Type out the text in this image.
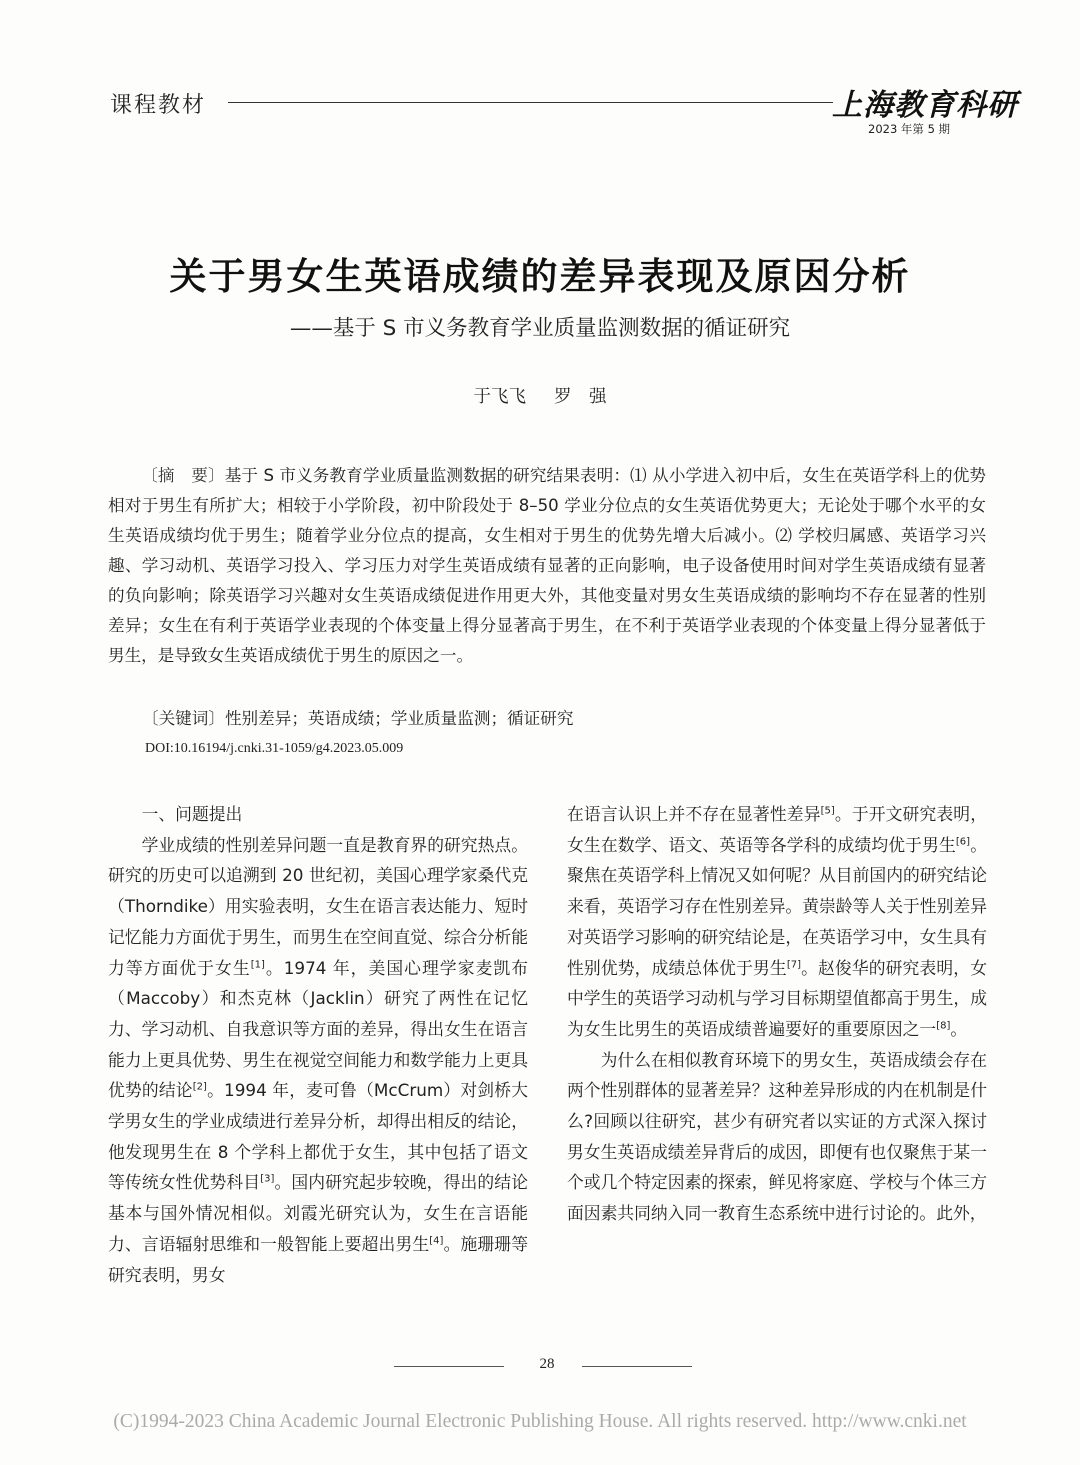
课程教材	上海教育科研
2023 年第 5 期
关于男女生英语成绩的差异表现及原因分析
——基于 S 市义务教育学业质量监测数据的循证研究
于飞飞 罗　强

〔摘　要〕基于 S 市义务教育学业质量监测数据的研究结果表明：⑴ 从小学进入初中后，女生在英语学科上的优势相对于男生有所扩大；相较于小学阶段，初中阶段处于 8–50 学业分位点的女生英语优势更大；无论处于哪个水平的女生英语成绩均优于男生；随着学业分位点的提高，女生相对于男生的优势先增大后减小。⑵ 学校归属感、英语学习兴趣、学习动机、英语学习投入、学习压力对学生英语成绩有显著的正向影响，电子设备使用时间对学生英语成绩有显著的负向影响；除英语学习兴趣对女生英语成绩促进作用更大外，其他变量对男女生英语成绩的影响均不存在显著的性别差异；女生在有利于英语学业表现的个体变量上得分显著高于男生，在不利于英语学业表现的个体变量上得分显著低于男生，是导致女生英语成绩优于男生的原因之一。

〔关键词〕性别差异；英语成绩；学业质量监测；循证研究
DOI:10.16194/j.cnki.31-1059/g4.2023.05.009

一、问题提出

学业成绩的性别差异问题一直是教育界的研究热点。研究的历史可以追溯到 20 世纪初，美国心理学家桑代克（Thorndike）用实验表明，女生在语言表达能力、短时记忆能力方面优于男生，而男生在空间直觉、综合分析能力等方面优于女生[1]。1974 年，美国心理学家麦凯布（Maccoby）和杰克林（Jacklin）研究了两性在记忆力、学习动机、自我意识等方面的差异，得出女生在语言能力上更具优势、男生在视觉空间能力和数学能力上更具优势的结论[2]。1994 年，麦可鲁（McCrum）对剑桥大学男女生的学业成绩进行差异分析，却得出相反的结论，他发现男生在 8 个学科上都优于女生，其中包括了语文等传统女性优势科目[3]。国内研究起步较晚，得出的结论基本与国外情况相似。刘霞光研究认为，女生在言语能力、言语辐射思维和一般智能上要超出男生[4]。施珊珊等研究表明，男女

在语言认识上并不存在显著性差异[5]。于开文研究表明，女生在数学、语文、英语等各学科的成绩均优于男生[6]。聚焦在英语学科上情况又如何呢？从目前国内的研究结论来看，英语学习存在性别差异。黄崇龄等人关于性别差异对英语学习影响的研究结论是，在英语学习中，女生具有性别优势，成绩总体优于男生[7]。赵俊华的研究表明，女中学生的英语学习动机与学习目标期望值都高于男生，成为女生比男生的英语成绩普遍要好的重要原因之一[8]。

为什么在相似教育环境下的男女生，英语成绩会存在两个性别群体的显著差异？这种差异形成的内在机制是什么?回顾以往研究，甚少有研究者以实证的方式深入探讨男女生英语成绩差异背后的成因，即便有也仅聚焦于某一个或几个特定因素的探索，鲜见将家庭、学校与个体三方面因素共同纳入同一教育生态系统中进行讨论的。此外，

28
(C)1994-2023 China Academic Journal Electronic Publishing House. All rights reserved. http://www.cnki.net
